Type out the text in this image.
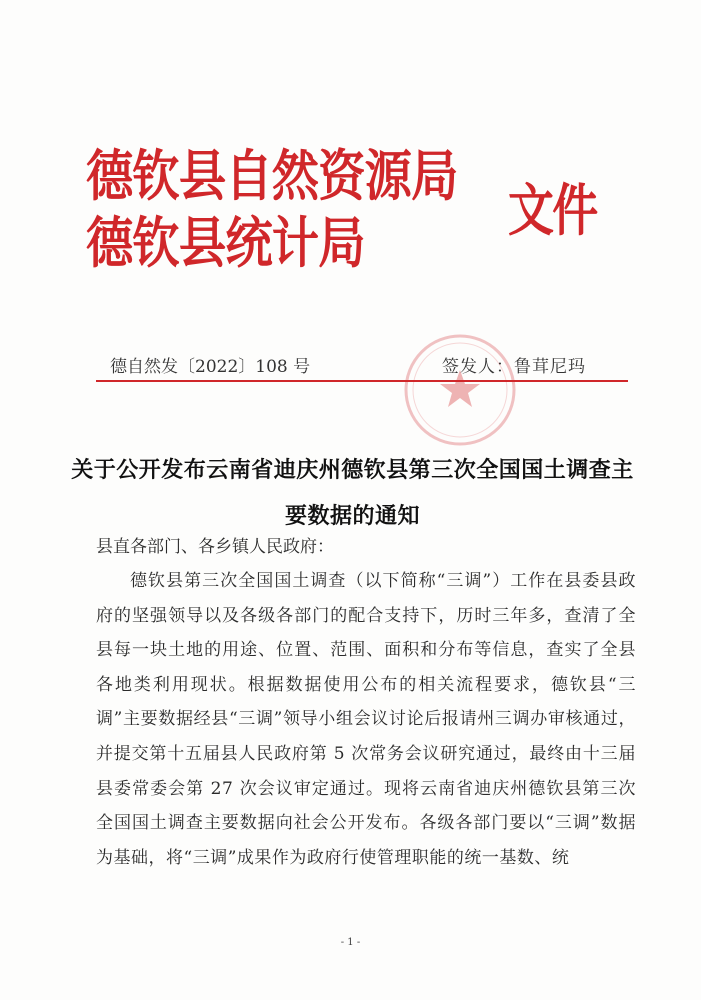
德钦县自然资源局
德钦县统计局	文件
德自然发〔2022〕108 号	签发人：鲁茸尼玛
关于公开发布云南省迪庆州德钦县第三次全国国土调查主要数据的通知
县直各部门、各乡镇人民政府：
德钦县第三次全国国土调查（以下简称“三调”）工作在县委县政府的坚强领导以及各级各部门的配合支持下，历时三年多，查清了全县每一块土地的用途、位置、范围、面积和分布等信息，查实了全县各地类利用现状。根据数据使用公布的相关流程要求，德钦县“三调”主要数据经县“三调”领导小组会议讨论后报请州三调办审核通过，并提交第十五届县人民政府第 5 次常务会议研究通过，最终由十三届县委常委会第 27 次会议审定通过。现将云南省迪庆州德钦县第三次全国国土调查主要数据向社会公开发布。各级各部门要以“三调”数据为基础，将“三调”成果作为政府行使管理职能的统一基数、统
- 1 -
